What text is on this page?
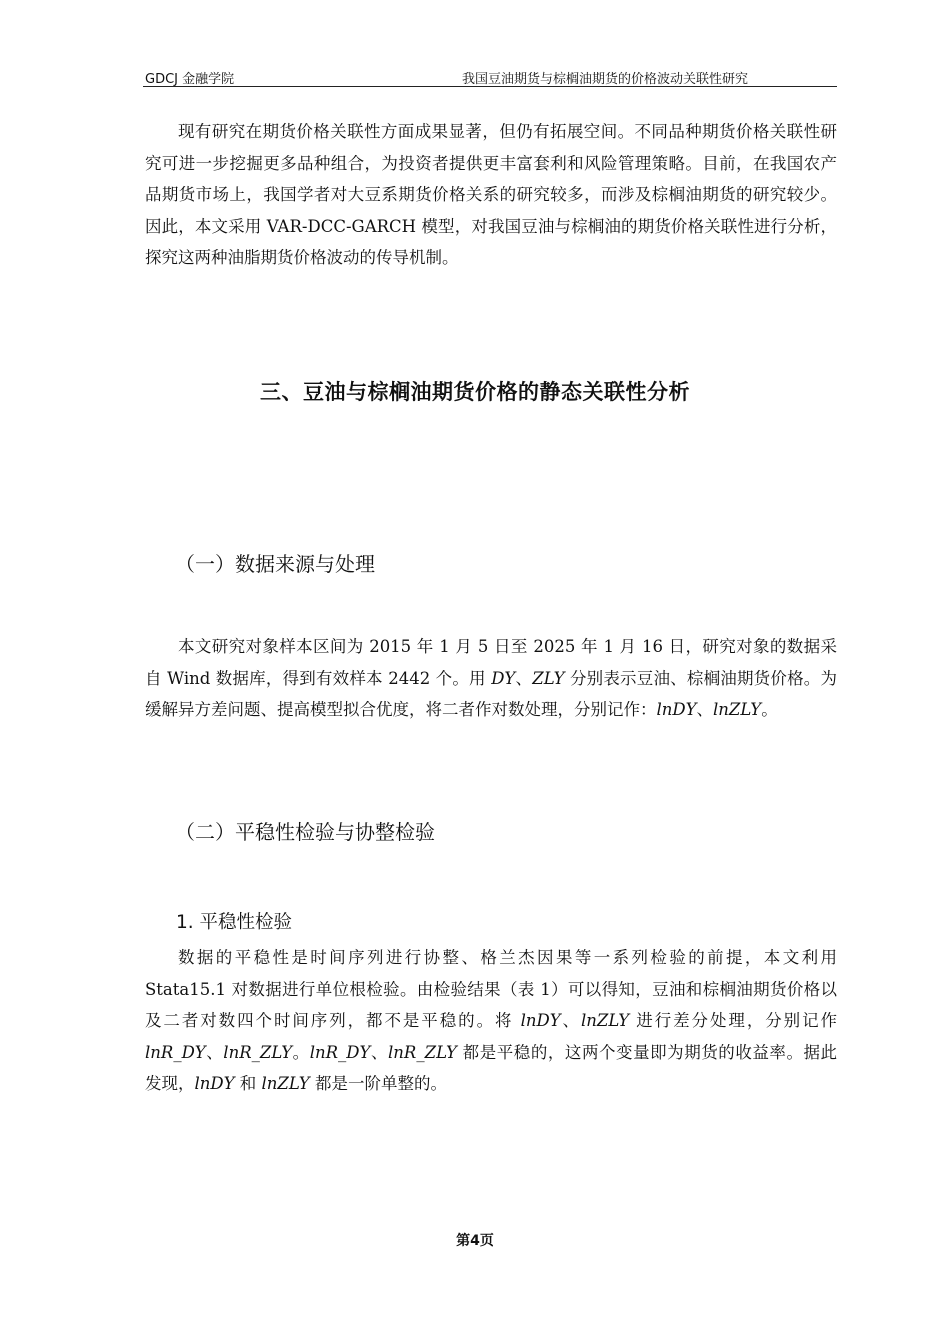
GDCJ 金融学院	我国豆油期货与棕榈油期货的价格波动关联性研究

现有研究在期货价格关联性方面成果显著，但仍有拓展空间。不同品种期货价格关联性研究可进一步挖掘更多品种组合，为投资者提供更丰富套利和风险管理策略。目前，在我国农产品期货市场上，我国学者对大豆系期货价格关系的研究较多，而涉及棕榈油期货的研究较少。因此，本文采用 VAR-DCC-GARCH 模型，对我国豆油与棕榈油的期货价格关联性进行分析，探究这两种油脂期货价格波动的传导机制。

三、豆油与棕榈油期货价格的静态关联性分析
（一）数据来源与处理

本文研究对象样本区间为 2015 年 1 月 5 日至 2025 年 1 月 16 日，研究对象的数据采自 Wind 数据库，得到有效样本 2442 个。用 DY、ZLY 分别表示豆油、棕榈油期货价格。为缓解异方差问题、提高模型拟合优度，将二者作对数处理，分别记作：lnDY、lnZLY。

（二）平稳性检验与协整检验
1. 平稳性检验

数据的平稳性是时间序列进行协整、格兰杰因果等一系列检验的前提，本文利用 Stata15.1 对数据进行单位根检验。由检验结果（表 1）可以得知，豆油和棕榈油期货价格以及二者对数四个时间序列，都不是平稳的。将 lnDY、lnZLY 进行差分处理，分别记作 lnR_DY、lnR_ZLY。lnR_DY、lnR_ZLY 都是平稳的，这两个变量即为期货的收益率。据此发现，lnDY 和 lnZLY 都是一阶单整的。

第4页
